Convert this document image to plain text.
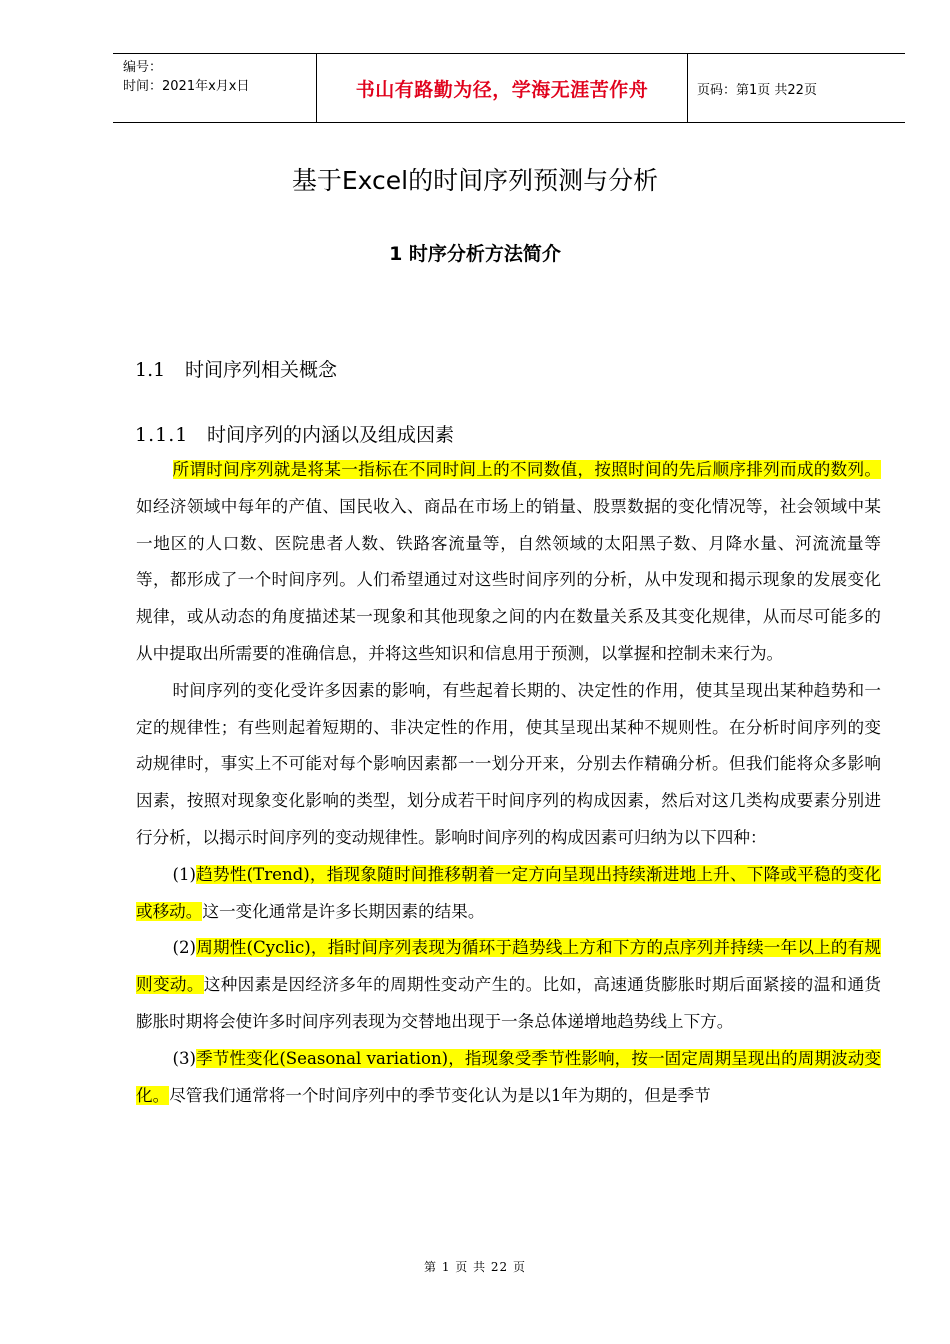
编号：
时间：2021年x月x日	书山有路勤为径，学海无涯苦作舟	页码：第1页 共22页
基于Excel的时间序列预测与分析
1 时序分析方法简介
1.1 时间序列相关概念
1.1.1 时间序列的内涵以及组成因素

所谓时间序列就是将某一指标在不同时间上的不同数值，按照时间的先后顺序排列而成的数列。如经济领域中每年的产值、国民收入、商品在市场上的销量、股票数据的变化情况等，社会领域中某一地区的人口数、医院患者人数、铁路客流量等，自然领域的太阳黑子数、月降水量、河流流量等等，都形成了一个时间序列。人们希望通过对这些时间序列的分析，从中发现和揭示现象的发展变化规律，或从动态的角度描述某一现象和其他现象之间的内在数量关系及其变化规律，从而尽可能多的从中提取出所需要的准确信息，并将这些知识和信息用于预测，以掌握和控制未来行为。

时间序列的变化受许多因素的影响，有些起着长期的、决定性的作用，使其呈现出某种趋势和一定的规律性；有些则起着短期的、非决定性的作用，使其呈现出某种不规则性。在分析时间序列的变动规律时，事实上不可能对每个影响因素都一一划分开来，分别去作精确分析。但我们能将众多影响因素，按照对现象变化影响的类型，划分成若干时间序列的构成因素，然后对这几类构成要素分别进行分析，以揭示时间序列的变动规律性。影响时间序列的构成因素可归纳为以下四种：

(1)趋势性(Trend)，指现象随时间推移朝着一定方向呈现出持续渐进地上升、下降或平稳的变化或移动。这一变化通常是许多长期因素的结果。

(2)周期性(Cyclic)，指时间序列表现为循环于趋势线上方和下方的点序列并持续一年以上的有规则变动。这种因素是因经济多年的周期性变动产生的。比如，高速通货膨胀时期后面紧接的温和通货膨胀时期将会使许多时间序列表现为交替地出现于一条总体递增地趋势线上下方。

(3)季节性变化(Seasonal variation)，指现象受季节性影响，按一固定周期呈现出的周期波动变化。尽管我们通常将一个时间序列中的季节变化认为是以1年为期的，但是季节

第 1 页 共 22 页
